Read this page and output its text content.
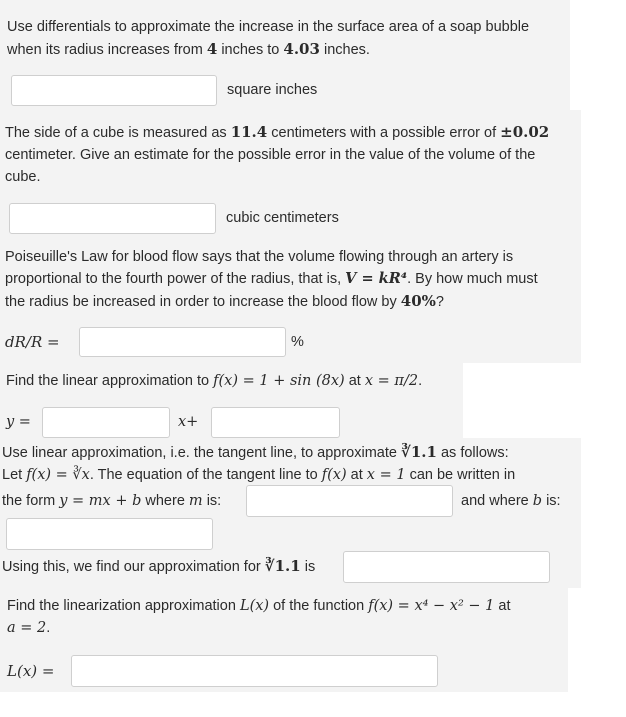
Use differentials to approximate the increase in the surface area of a soap bubble
when its radius increases from 4 inches to 4.03 inches.
square inches
The side of a cube is measured as 11.4 centimeters with a possible error of ±0.02
centimeter. Give an estimate for the possible error in the value of the volume of the
cube.
cubic centimeters
Poiseuille's Law for blood flow says that the volume flowing through an artery is
proportional to the fourth power of the radius, that is, V = kR⁴. By how much must
the radius be increased in order to increase the blood flow by 40%?
dR/R =	%
Find the linear approximation to f(x) = 1 + sin (8x) at x = π/2.
y =	x+
Use linear approximation, i.e. the tangent line, to approximate ∛1.1 as follows:
Let f(x) = ∛x. The equation of the tangent line to f(x) at x = 1 can be written in
the form y = mx + b where m is:	and where b is:
Using this, we find our approximation for ∛1.1 is
Find the linearization approximation L(x) of the function f(x) = x⁴ − x² − 1 at
a = 2.
L(x) =
